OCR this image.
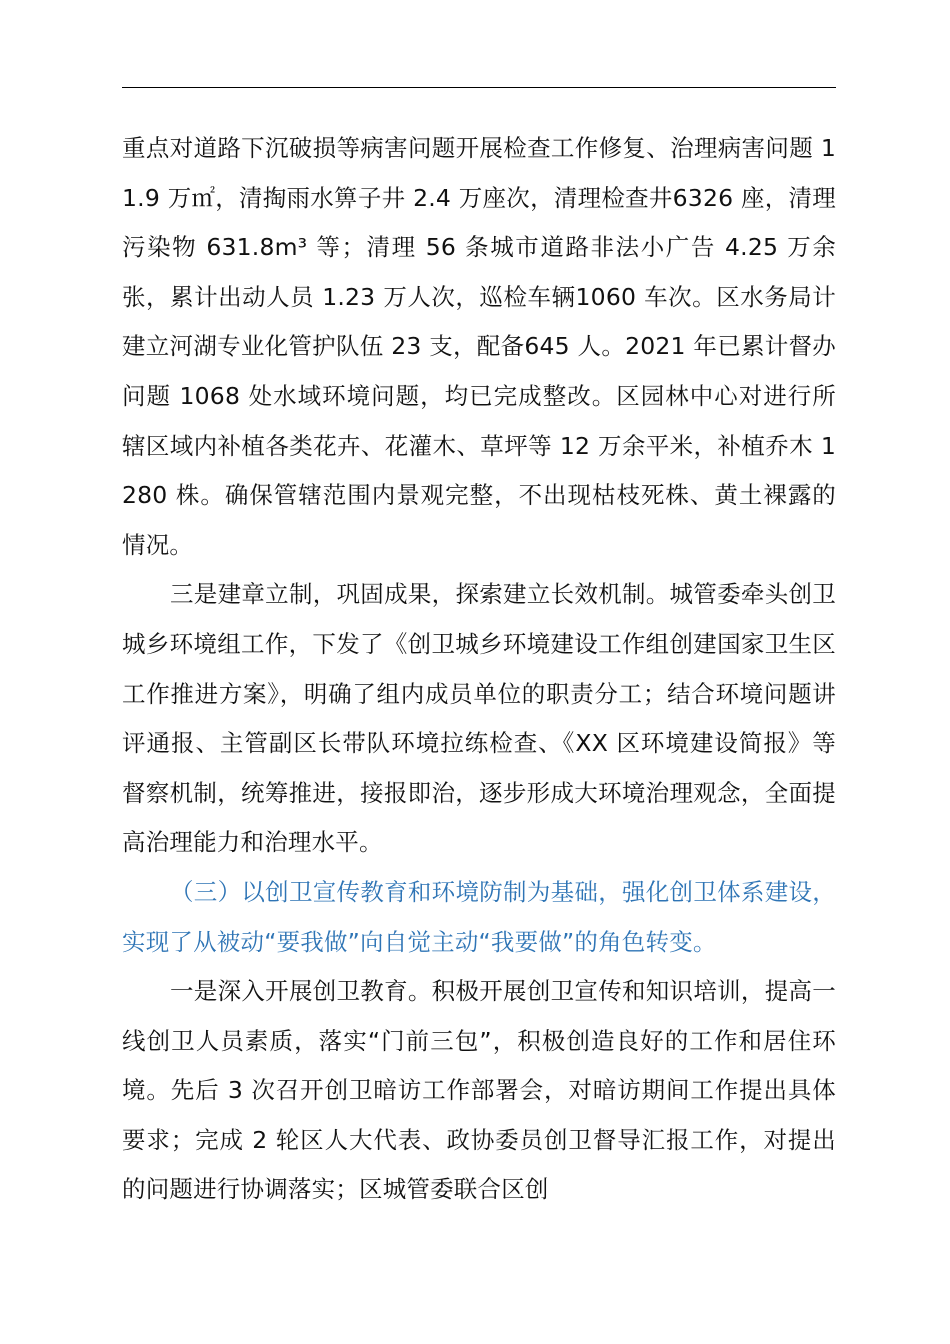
重点对道路下沉破损等病害问题开展检查工作修复、治理病害问题 11.9 万㎡，清掏雨水箅子井 2.4 万座次，清理检查井6326 座，清理污染物 631.8m³ 等；清理 56 条城市道路非法小广告 4.25 万余张，累计出动人员 1.23 万人次，巡检车辆1060 车次。区水务局计建立河湖专业化管护队伍 23 支，配备645 人。2021 年已累计督办问题 1068 处水域环境问题，均已完成整改。区园林中心对进行所辖区域内补植各类花卉、花灌木、草坪等 12 万余平米，补植乔木 1280 株。确保管辖范围内景观完整，不出现枯枝死株、黄土裸露的情况。

三是建章立制，巩固成果，探索建立长效机制。城管委牵头创卫城乡环境组工作，下发了《创卫城乡环境建设工作组创建国家卫生区工作推进方案》，明确了组内成员单位的职责分工；结合环境问题讲评通报、主管副区长带队环境拉练检查、《XX 区环境建设简报》等督察机制，统筹推进，接报即治，逐步形成大环境治理观念，全面提高治理能力和治理水平。

（三）以创卫宣传教育和环境防制为基础，强化创卫体系建设，实现了从被动“要我做”向自觉主动“我要做”的角色转变。

一是深入开展创卫教育。积极开展创卫宣传和知识培训，提高一线创卫人员素质，落实“门前三包”，积极创造良好的工作和居住环境。先后 3 次召开创卫暗访工作部署会，对暗访期间工作提出具体要求；完成 2 轮区人大代表、政协委员创卫督导汇报工作，对提出的问题进行协调落实；区城管委联合区创
